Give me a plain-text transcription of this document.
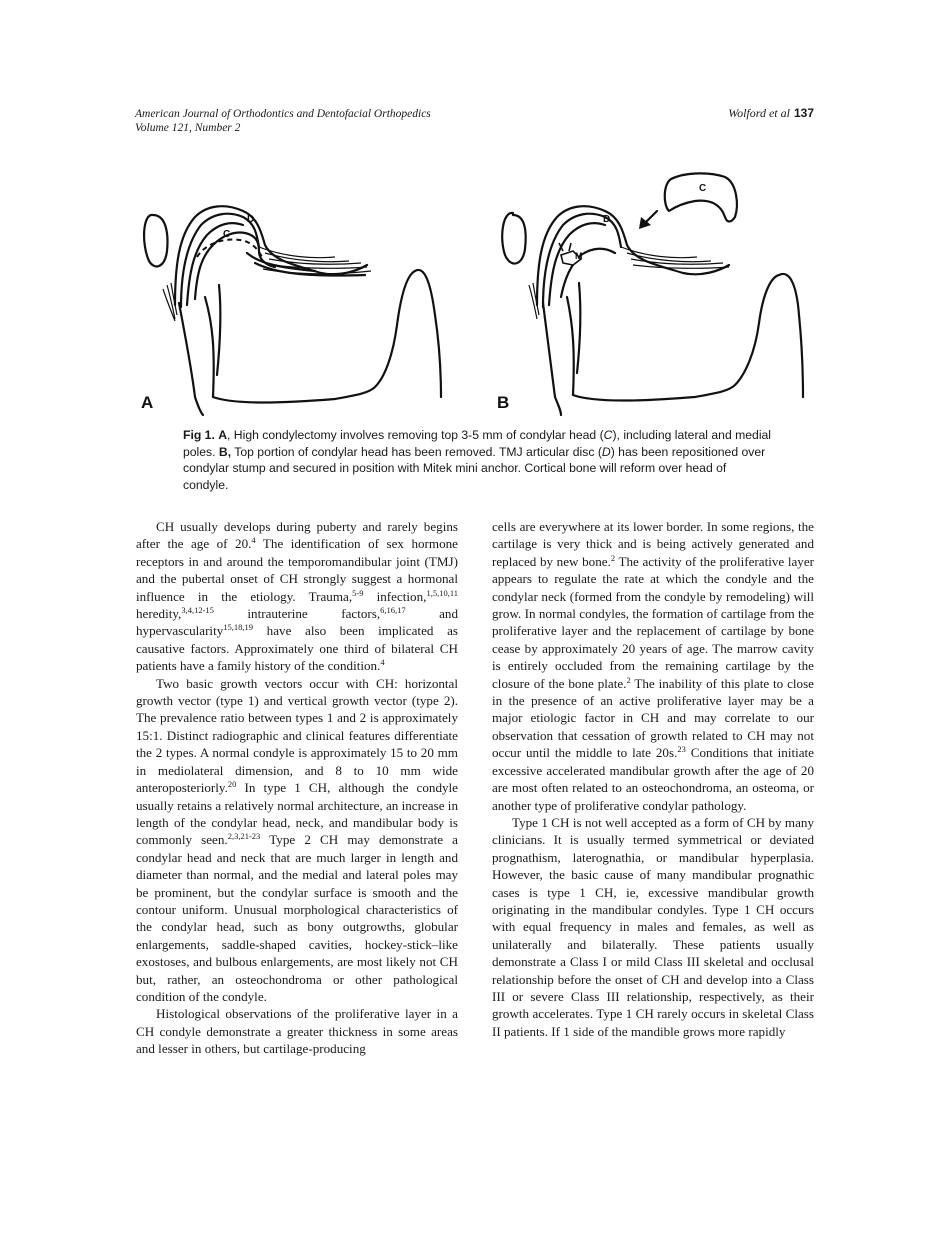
American Journal of Orthodontics and Dentofacial Orthopedics
Volume 121, Number 2
Wolford et al 137
D
C
A
D
M
C
B
Fig 1. A, High condylectomy involves removing top 3-5 mm of condylar head (C), including lateral and medial poles. B, Top portion of condylar head has been removed. TMJ articular disc (D) has been repositioned over condylar stump and secured in position with Mitek mini anchor. Cortical bone will reform over head of condyle.

CH usually develops during puberty and rarely begins after the age of 20.$^4$ The identification of sex hormone receptors in and around the temporomandibular joint (TMJ) and the pubertal onset of CH strongly suggest a hormonal influence in the etiology. Trauma,$^{5-9}$ infection,$^{1,5,10,11}$ heredity,$^{3,4,12-15}$ intrauterine factors,$^{6,16,17}$ and hypervascularity$^{15,18,19}$ have also been implicated as causative factors. Approximately one third of bilateral CH patients have a family history of the condition.$^4$

Two basic growth vectors occur with CH: horizontal growth vector (type 1) and vertical growth vector (type 2). The prevalence ratio between types 1 and 2 is approximately 15:1. Distinct radiographic and clinical features differentiate the 2 types. A normal condyle is approximately 15 to 20 mm in mediolateral dimension, and 8 to 10 mm wide anteroposteriorly.$^{20}$ In type 1 CH, although the condyle usually retains a relatively normal architecture, an increase in length of the condylar head, neck, and mandibular body is commonly seen.$^{2,3,21-23}$ Type 2 CH may demonstrate a condylar head and neck that are much larger in length and diameter than normal, and the medial and lateral poles may be prominent, but the condylar surface is smooth and the contour uniform. Unusual morphological characteristics of the condylar head, such as bony outgrowths, globular enlargements, saddle-shaped cavities, hockey-stick–like exostoses, and bulbous enlargements, are most likely not CH but, rather, an osteochondroma or other pathological condition of the condyle.

Histological observations of the proliferative layer in a CH condyle demonstrate a greater thickness in some areas and lesser in others, but cartilage-producing

cells are everywhere at its lower border. In some regions, the cartilage is very thick and is being actively generated and replaced by new bone.$^2$ The activity of the proliferative layer appears to regulate the rate at which the condyle and the condylar neck (formed from the condyle by remodeling) will grow. In normal condyles, the formation of cartilage from the proliferative layer and the replacement of cartilage by bone cease by approximately 20 years of age. The marrow cavity is entirely occluded from the remaining cartilage by the closure of the bone plate.$^2$ The inability of this plate to close in the presence of an active proliferative layer may be a major etiologic factor in CH and may correlate to our observation that cessation of growth related to CH may not occur until the middle to late 20s.$^{23}$ Conditions that initiate excessive accelerated mandibular growth after the age of 20 are most often related to an osteochondroma, an osteoma, or another type of proliferative condylar pathology.

Type 1 CH is not well accepted as a form of CH by many clinicians. It is usually termed symmetrical or deviated prognathism, laterognathia, or mandibular hyperplasia. However, the basic cause of many mandibular prognathic cases is type 1 CH, ie, excessive mandibular growth originating in the mandibular condyles. Type 1 CH occurs with equal frequency in males and females, as well as unilaterally and bilaterally. These patients usually demonstrate a Class I or mild Class III skeletal and occlusal relationship before the onset of CH and develop into a Class III or severe Class III relationship, respectively, as their growth accelerates. Type 1 CH rarely occurs in skeletal Class II patients. If 1 side of the mandible grows more rapidly
